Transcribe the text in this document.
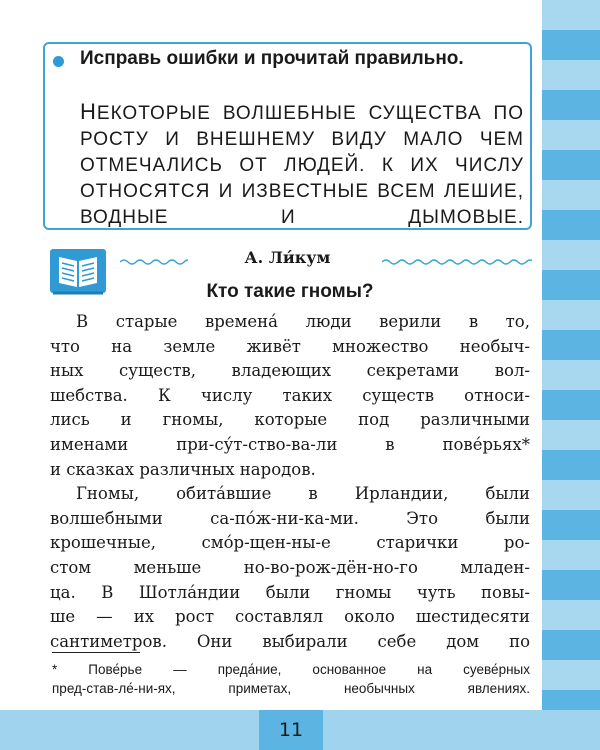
11

Исправь ошибки и прочитай правильно.

НЕКОТОРЫЕ ВОЛШЕБНЫЕ СУЩЕСТВА ПО РОСТУ И ВНЕШНЕМУ ВИДУ МАЛО ЧЕМ ОТМЕЧАЛИСЬ ОТ ЛЮДЕЙ. К ИХ ЧИСЛУ ОТНОСЯТСЯ И ИЗВЕСТНЫЕ ВСЕМ ЛЕШИЕ, ВОДНЫЕ И ДЫМОВЫЕ.

А. Ли́кум

Кто такие гномы?

В старые времена́ люди верили в то,

что на земле живёт множество необыч-

ных существ, владеющих секретами вол-

шебства. К числу таких существ относи-

лись и гномы, которые под различными

именами при-су́т-ство-ва-ли в пове́рьях*

и сказках различных народов.

Гномы, обита́вшие в Ирландии, были

волшебными са-по́ж-ни-ка-ми. Это были

крошечные, смо́р-щен-ны-е старички ро-

стом меньше но-во-рож-дён-но-го младен-

ца. В Шотла́ндии были гномы чуть повы-

ше — их рост составлял около шестидесяти

сантиметров. Они выбирали себе дом по

* Пове́рье — преда́ние, основанное на суеве́рных
пред-став-ле́-ни-ях, приметах, необычных явлениях.
